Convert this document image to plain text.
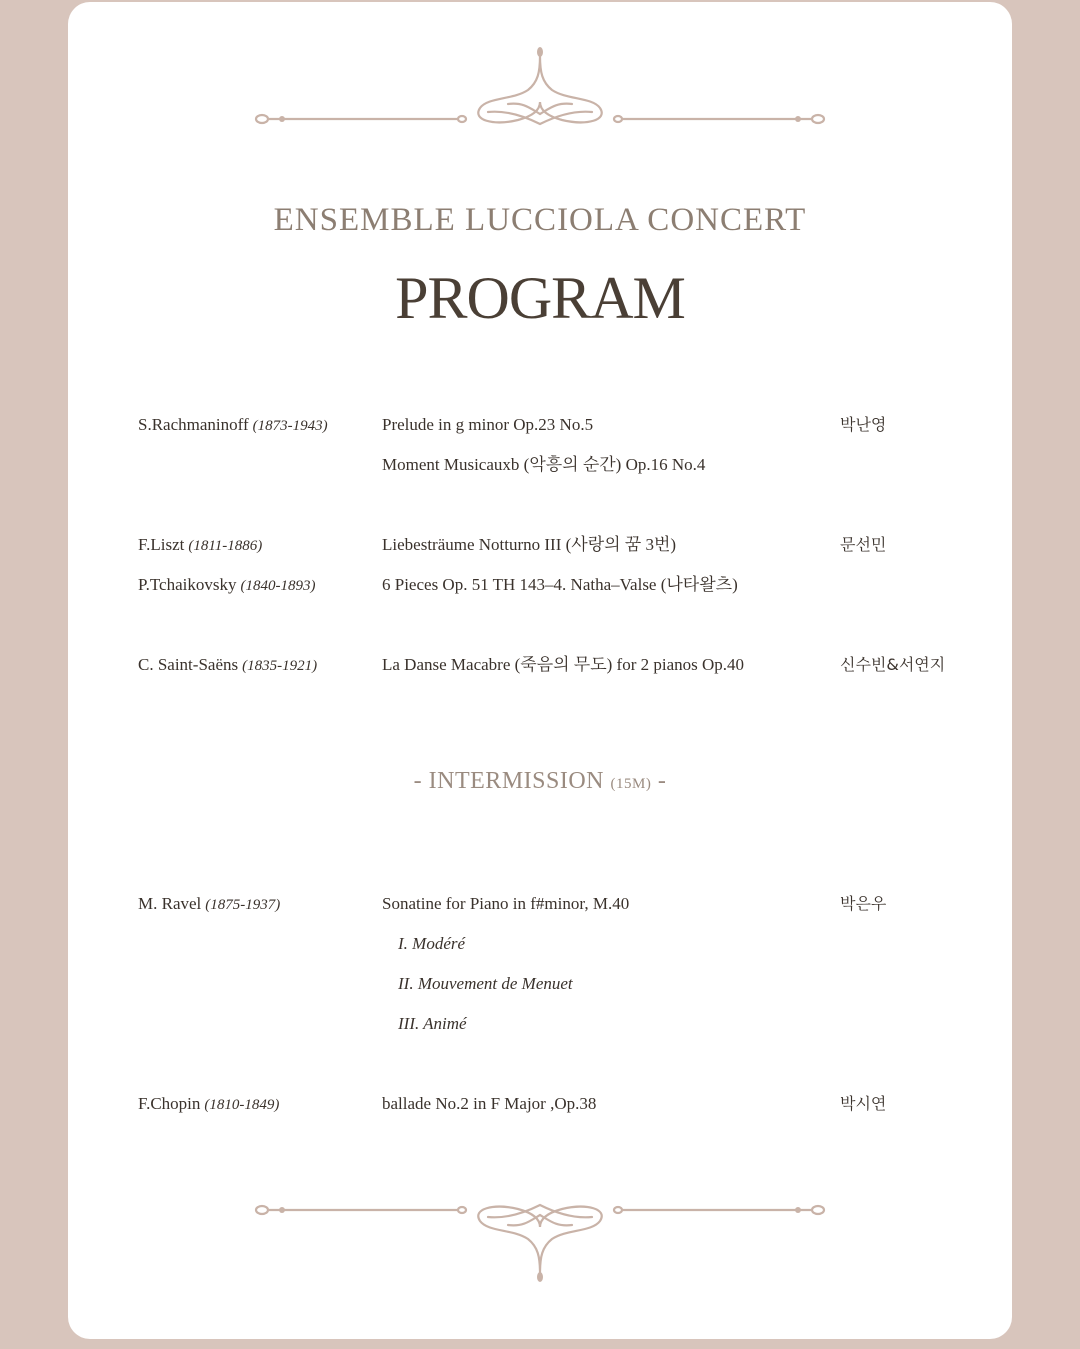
ENSEMBLE LUCCIOLA CONCERT
PROGRAM
S.Rachmaninoff (1873-1943)	Prelude in g minor Op.23 No.5	박난영
Moment Musicauxb (악흥의 순간) Op.16 No.4
F.Liszt (1811-1886)	Liebesträume Notturno III (사랑의 꿈 3번)	문선민
P.Tchaikovsky (1840-1893)	6 Pieces Op. 51 TH 143–4. Natha–Valse (나타왈츠)
C. Saint-Saëns (1835-1921)	La Danse Macabre (죽음의 무도) for 2 pianos Op.40	신수빈&서연지
- INTERMISSION (15M) -
M. Ravel (1875-1937)	Sonatine for Piano in f#minor, M.40	박은우
I. Modéré
II. Mouvement de Menuet
III. Animé
F.Chopin (1810-1849)	ballade No.2 in F Major ,Op.38	박시연
